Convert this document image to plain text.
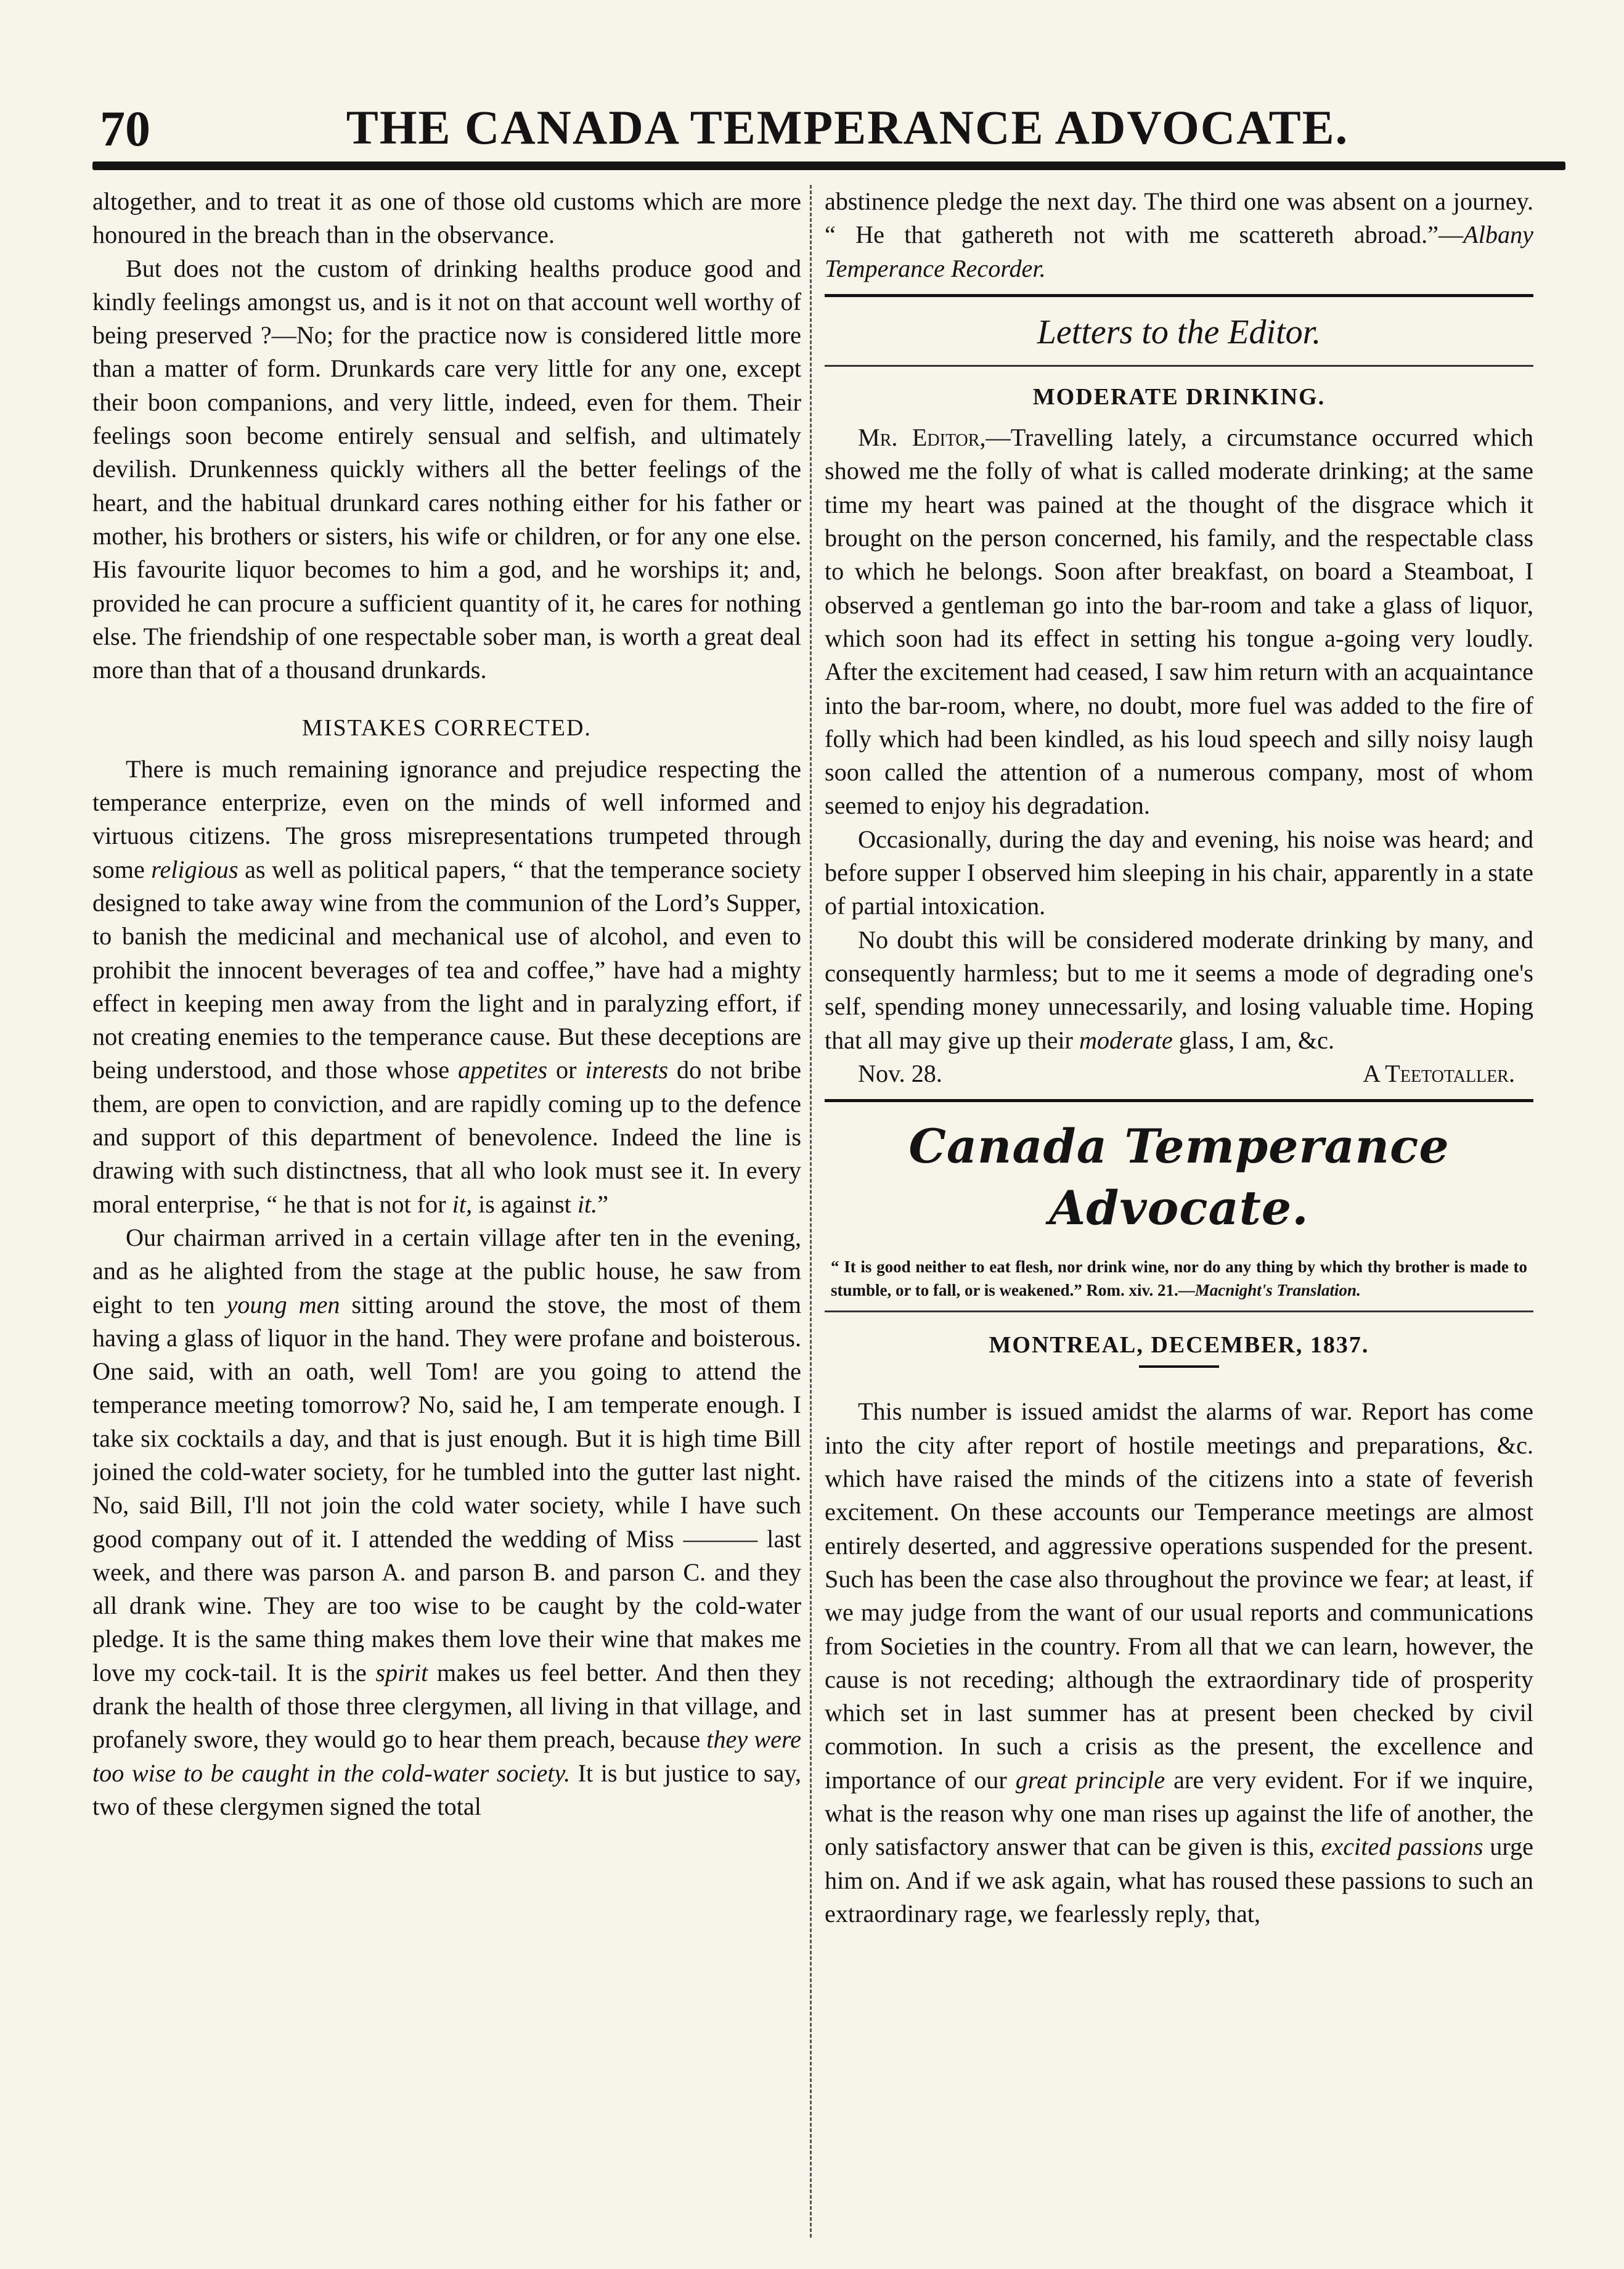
70	THE CANADA TEMPERANCE ADVOCATE.

altogether, and to treat it as one of those old customs which are more honoured in the breach than in the observance.

But does not the custom of drinking healths produce good and kindly feelings amongst us, and is it not on that account well worthy of being preserved ?—No; for the practice now is considered little more than a matter of form. Drunkards care very little for any one, except their boon companions, and very little, indeed, even for them. Their feelings soon become entirely sensual and selfish, and ultimately devilish. Drunkenness quickly withers all the better feelings of the heart, and the habitual drunkard cares nothing either for his father or mother, his brothers or sisters, his wife or children, or for any one else. His favourite liquor becomes to him a god, and he worships it; and, provided he can procure a sufficient quantity of it, he cares for nothing else. The friendship of one respectable sober man, is worth a great deal more than that of a thousand drunkards.

MISTAKES CORRECTED.

There is much remaining ignorance and prejudice respecting the temperance enterprize, even on the minds of well informed and virtuous citizens. The gross misrepresentations trumpeted through some religious as well as political papers, “ that the temperance society designed to take away wine from the communion of the Lord’s Supper, to banish the medicinal and mechanical use of alcohol, and even to prohibit the innocent beverages of tea and coffee,” have had a mighty effect in keeping men away from the light and in paralyzing effort, if not creating enemies to the temperance cause. But these deceptions are being understood, and those whose appetites or interests do not bribe them, are open to conviction, and are rapidly coming up to the defence and support of this department of benevolence. Indeed the line is drawing with such distinctness, that all who look must see it. In every moral enterprise, “ he that is not for it, is against it.”

Our chairman arrived in a certain village after ten in the evening, and as he alighted from the stage at the public house, he saw from eight to ten young men sitting around the stove, the most of them having a glass of liquor in the hand. They were profane and boisterous. One said, with an oath, well Tom! are you going to attend the temperance meeting tomorrow? No, said he, I am temperate enough. I take six cocktails a day, and that is just enough. But it is high time Bill joined the cold-water society, for he tumbled into the gutter last night. No, said Bill, I'll not join the cold water society, while I have such good company out of it. I attended the wedding of Miss ——— last week, and there was parson A. and parson B. and parson C. and they all drank wine. They are too wise to be caught by the cold-water pledge. It is the same thing makes them love their wine that makes me love my cock-tail. It is the spirit makes us feel better. And then they drank the health of those three clergymen, all living in that village, and profanely swore, they would go to hear them preach, because they were too wise to be caught in the cold-water society. It is but justice to say, two of these clergymen signed the total

abstinence pledge the next day. The third one was absent on a journey. “ He that gathereth not with me scattereth abroad.”—Albany Temperance Recorder.

Letters to the Editor.
MODERATE DRINKING.

Mr. Editor,—Travelling lately, a circumstance occurred which showed me the folly of what is called moderate drinking; at the same time my heart was pained at the thought of the disgrace which it brought on the person concerned, his family, and the respectable class to which he belongs. Soon after breakfast, on board a Steamboat, I observed a gentleman go into the bar-room and take a glass of liquor, which soon had its effect in setting his tongue a-going very loudly. After the excitement had ceased, I saw him return with an acquaintance into the bar-room, where, no doubt, more fuel was added to the fire of folly which had been kindled, as his loud speech and silly noisy laugh soon called the attention of a numerous company, most of whom seemed to enjoy his degradation.

Occasionally, during the day and evening, his noise was heard; and before supper I observed him sleeping in his chair, apparently in a state of partial intoxication.

No doubt this will be considered moderate drinking by many, and consequently harmless; but to me it seems a mode of degrading one's self, spending money unnecessarily, and losing valuable time. Hoping that all may give up their moderate glass, I am, &c.

Nov. 28.	A Teetotaller.
Canada Temperance Advocate.
“ It is good neither to eat flesh, nor drink wine, nor do any thing by which thy brother is made to stumble, or to fall, or is weakened.” Rom. xiv. 21.—Macnight's Translation.
MONTREAL, DECEMBER, 1837.

This number is issued amidst the alarms of war. Report has come into the city after report of hostile meetings and preparations, &c. which have raised the minds of the citizens into a state of feverish excitement. On these accounts our Temperance meetings are almost entirely deserted, and aggressive operations suspended for the present. Such has been the case also throughout the province we fear; at least, if we may judge from the want of our usual reports and communications from Societies in the country. From all that we can learn, however, the cause is not receding; although the extraordinary tide of prosperity which set in last summer has at present been checked by civil commotion. In such a crisis as the present, the excellence and importance of our great principle are very evident. For if we inquire, what is the reason why one man rises up against the life of another, the only satisfactory answer that can be given is this, excited passions urge him on. And if we ask again, what has roused these passions to such an extraordinary rage, we fearlessly reply, that,
